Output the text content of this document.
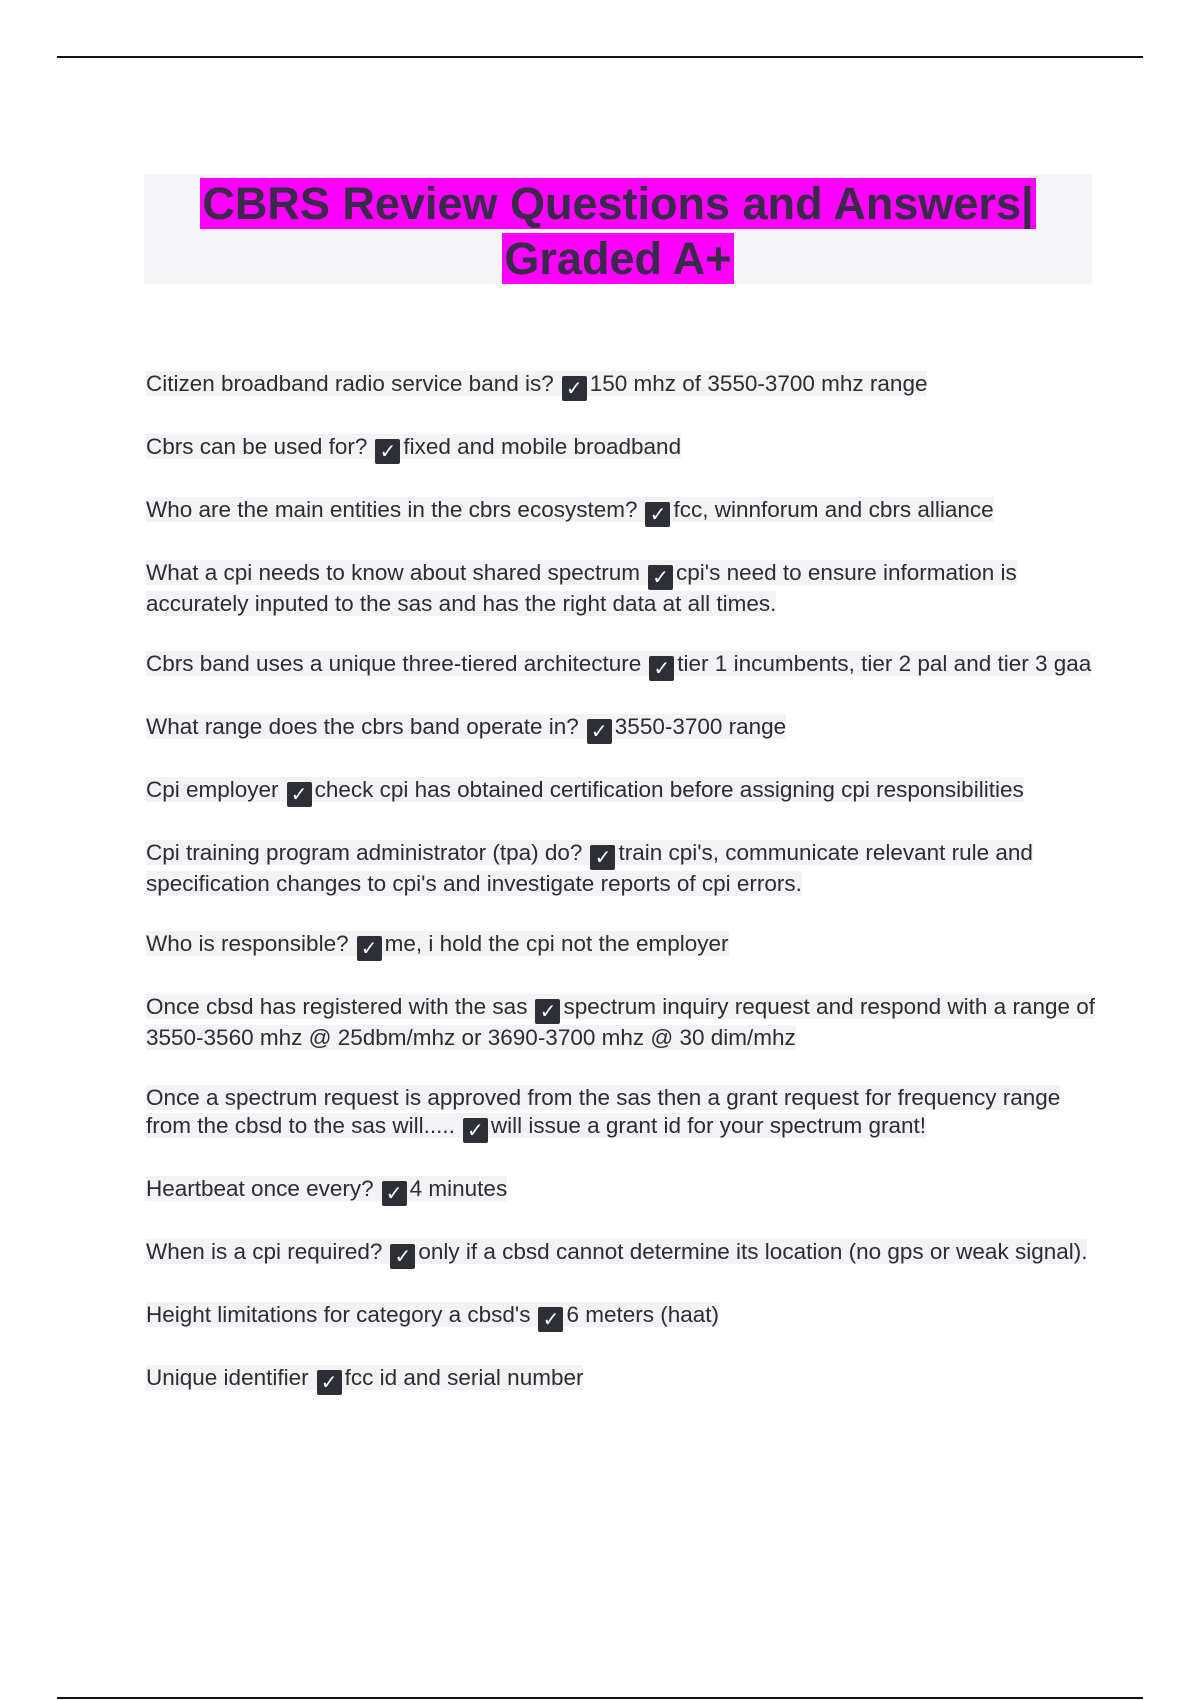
CBRS Review Questions and Answers|
Graded A+

Citizen broadband radio service band is? ✓ 150 mhz of 3550-3700 mhz range

Cbrs can be used for? ✓ fixed and mobile broadband

Who are the main entities in the cbrs ecosystem? ✓ fcc, winnforum and cbrs alliance

What a cpi needs to know about shared spectrum ✓ cpi's need to ensure information is accurately inputed to the sas and has the right data at all times.

Cbrs band uses a unique three-tiered architecture ✓ tier 1 incumbents, tier 2 pal and tier 3 gaa

What range does the cbrs band operate in? ✓ 3550-3700 range

Cpi employer ✓ check cpi has obtained certification before assigning cpi responsibilities

Cpi training program administrator (tpa) do? ✓ train cpi's, communicate relevant rule and specification changes to cpi's and investigate reports of cpi errors.

Who is responsible? ✓ me, i hold the cpi not the employer

Once cbsd has registered with the sas ✓ spectrum inquiry request and respond with a range of 3550-3560 mhz @ 25dbm/mhz or 3690-3700 mhz @ 30 dim/mhz

Once a spectrum request is approved from the sas then a grant request for frequency range from the cbsd to the sas will..... ✓ will issue a grant id for your spectrum grant!

Heartbeat once every? ✓ 4 minutes

When is a cpi required? ✓ only if a cbsd cannot determine its location (no gps or weak signal).

Height limitations for category a cbsd's ✓ 6 meters (haat)

Unique identifier ✓ fcc id and serial number
